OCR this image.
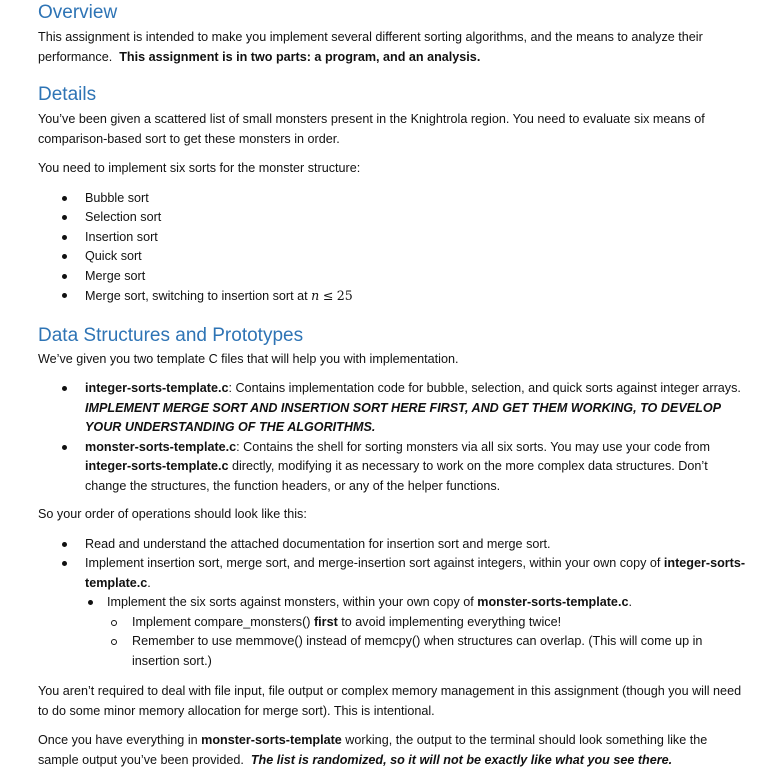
Overview

This assignment is intended to make you implement several different sorting algorithms, and the means to analyze their performance. This assignment is in two parts: a program, and an analysis.

Details

You’ve been given a scattered list of small monsters present in the Knightrola region. You need to evaluate six means of comparison-based sort to get these monsters in order.

You need to implement six sorts for the monster structure:

Bubble sort
Selection sort
Insertion sort
Quick sort
Merge sort
Merge sort, switching to insertion sort at n ≤ 25
Data Structures and Prototypes

We’ve given you two template C files that will help you with implementation.

integer-sorts-template.c: Contains implementation code for bubble, selection, and quick sorts against integer arrays. IMPLEMENT MERGE SORT AND INSERTION SORT HERE FIRST, AND GET THEM WORKING, TO DEVELOP YOUR UNDERSTANDING OF THE ALGORITHMS.
monster-sorts-template.c: Contains the shell for sorting monsters via all six sorts. You may use your code from integer-sorts-template.c directly, modifying it as necessary to work on the more complex data structures. Don’t change the structures, the function headers, or any of the helper functions.

So your order of operations should look like this:

Read and understand the attached documentation for insertion sort and merge sort.
Implement insertion sort, merge sort, and merge-insertion sort against integers, within your own copy of integer-sorts-template.c.
Implement the six sorts against monsters, within your own copy of monster-sorts-template.c.
Implement compare_monsters() first to avoid implementing everything twice!
Remember to use memmove() instead of memcpy() when structures can overlap. (This will come up in insertion sort.)

You aren’t required to deal with file input, file output or complex memory management in this assignment (though you will need to do some minor memory allocation for merge sort). This is intentional.

Once you have everything in monster-sorts-template working, the output to the terminal should look something like the sample output you’ve been provided. The list is randomized, so it will not be exactly like what you see there.
